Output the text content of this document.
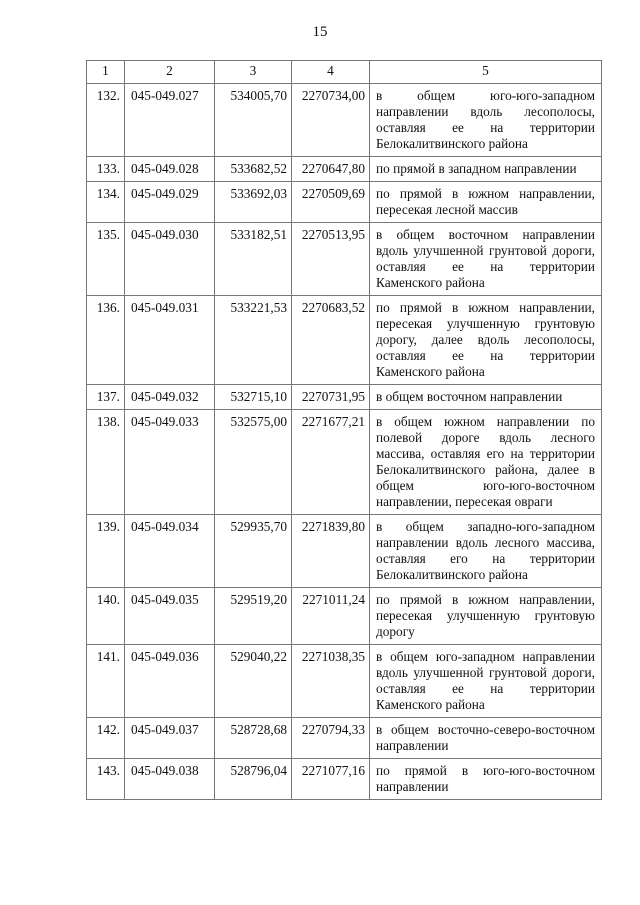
15
1	2	3	4	5
132.	045-049.027	534005,70	2270734,00	в общем юго-юго-западном направлении вдоль лесополосы, оставляя ее на территории Белокалитвинского района
133.	045-049.028	533682,52	2270647,80	по прямой в западном направлении
134.	045-049.029	533692,03	2270509,69	по прямой в южном направлении, пересекая лесной массив
135.	045-049.030	533182,51	2270513,95	в общем восточном направлении вдоль улучшенной грунтовой дороги, оставляя ее на территории Каменского района
136.	045-049.031	533221,53	2270683,52	по прямой в южном направлении, пересекая улучшенную грунтовую дорогу, далее вдоль лесополосы, оставляя ее на территории Каменского района
137.	045-049.032	532715,10	2270731,95	в общем восточном направлении
138.	045-049.033	532575,00	2271677,21	в общем южном направлении по полевой дороге вдоль лесного массива, оставляя его на территории Белокалитвинского района, далее в общем юго-юго-восточном направлении, пересекая овраги
139.	045-049.034	529935,70	2271839,80	в общем западно-юго-западном направлении вдоль лесного массива, оставляя его на территории Белокалитвинского района
140.	045-049.035	529519,20	2271011,24	по прямой в южном направлении, пересекая улучшенную грунтовую дорогу
141.	045-049.036	529040,22	2271038,35	в общем юго-западном направлении вдоль улучшенной грунтовой дороги, оставляя ее на территории Каменского района
142.	045-049.037	528728,68	2270794,33	в общем восточно-северо-восточном направлении
143.	045-049.038	528796,04	2271077,16	по прямой в юго-юго-восточном направлении
